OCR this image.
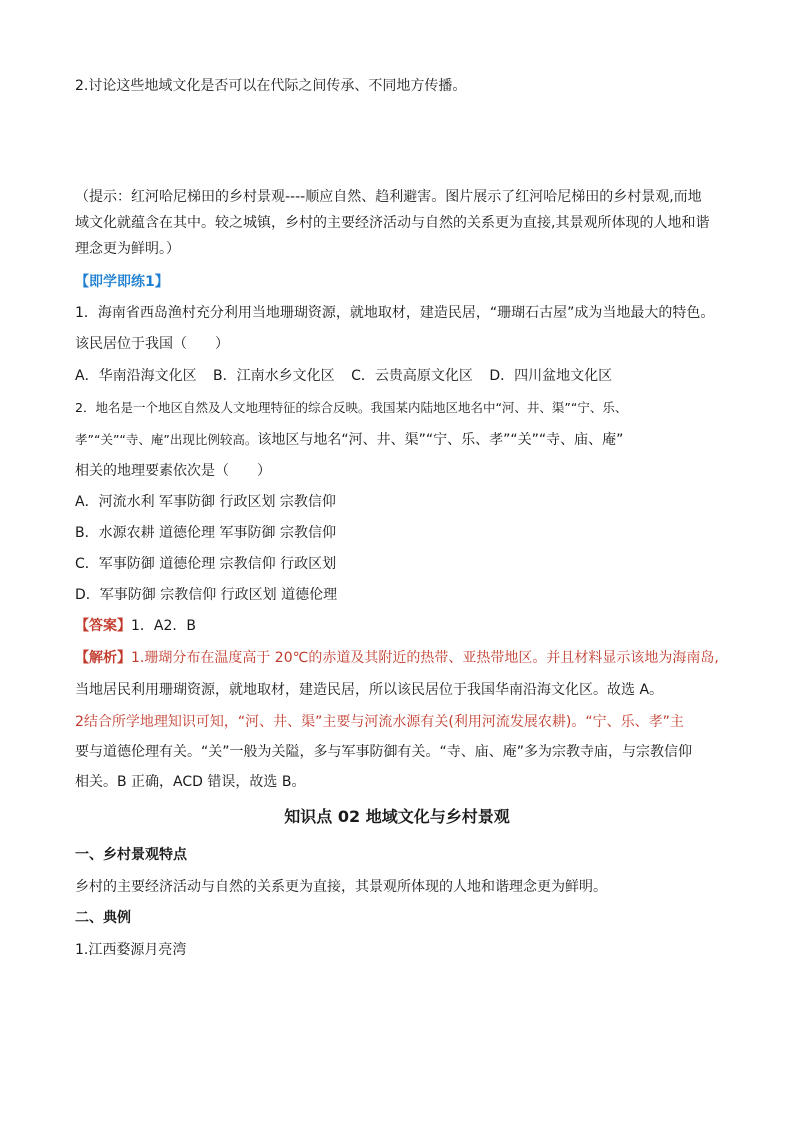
2.讨论这些地域文化是否可以在代际之间传承、不同地方传播。
（提示：红河哈尼梯田的乡村景观----顺应自然、趋利避害。图片展示了红河哈尼梯田的乡村景观,而地
域文化就蕴含在其中。较之城镇，乡村的主要经济活动与自然的关系更为直接,其景观所体现的人地和谐
理念更为鲜明。）
【即学即练1】
1．海南省西岛渔村充分利用当地珊瑚资源，就地取材，建造民居，“珊瑚石古屋”成为当地最大的特色。
该民居位于我国（　　）
A．华南沿海文化区 B．江南水乡文化区 C．云贵高原文化区 D．四川盆地文化区
2．地名是一个地区自然及人文地理特征的综合反映。我国某内陆地区地名中“河、井、渠”“宁、乐、
孝”“关”“寺、庵”出现比例较高。该地区与地名“河、井、渠”“宁、乐、孝”“关”“寺、庙、庵”
相关的地理要素依次是（　　）
A．河流水利 军事防御 行政区划 宗教信仰
B．水源农耕 道德伦理 军事防御 宗教信仰
C．军事防御 道德伦理 宗教信仰 行政区划
D．军事防御 宗教信仰 行政区划 道德伦理
【答案】1．A2．B
【解析】1.珊瑚分布在温度高于 20℃的赤道及其附近的热带、亚热带地区。并且材料显示该地为海南岛,
当地居民利用珊瑚资源，就地取材，建造民居，所以该民居位于我国华南沿海文化区。故选 A。
2结合所学地理知识可知，“河、井、渠”主要与河流水源有关(利用河流发展农耕)。“宁、乐、孝”主
要与道德伦理有关。“关”一般为关隘，多与军事防御有关。“寺、庙、庵”多为宗教寺庙，与宗教信仰
相关。B 正确，ACD 错误，故选 B。
知识点 02 地域文化与乡村景观
一、乡村景观特点
乡村的主要经济活动与自然的关系更为直接，其景观所体现的人地和谐理念更为鲜明。
二、典例
1.江西婺源月亮湾
